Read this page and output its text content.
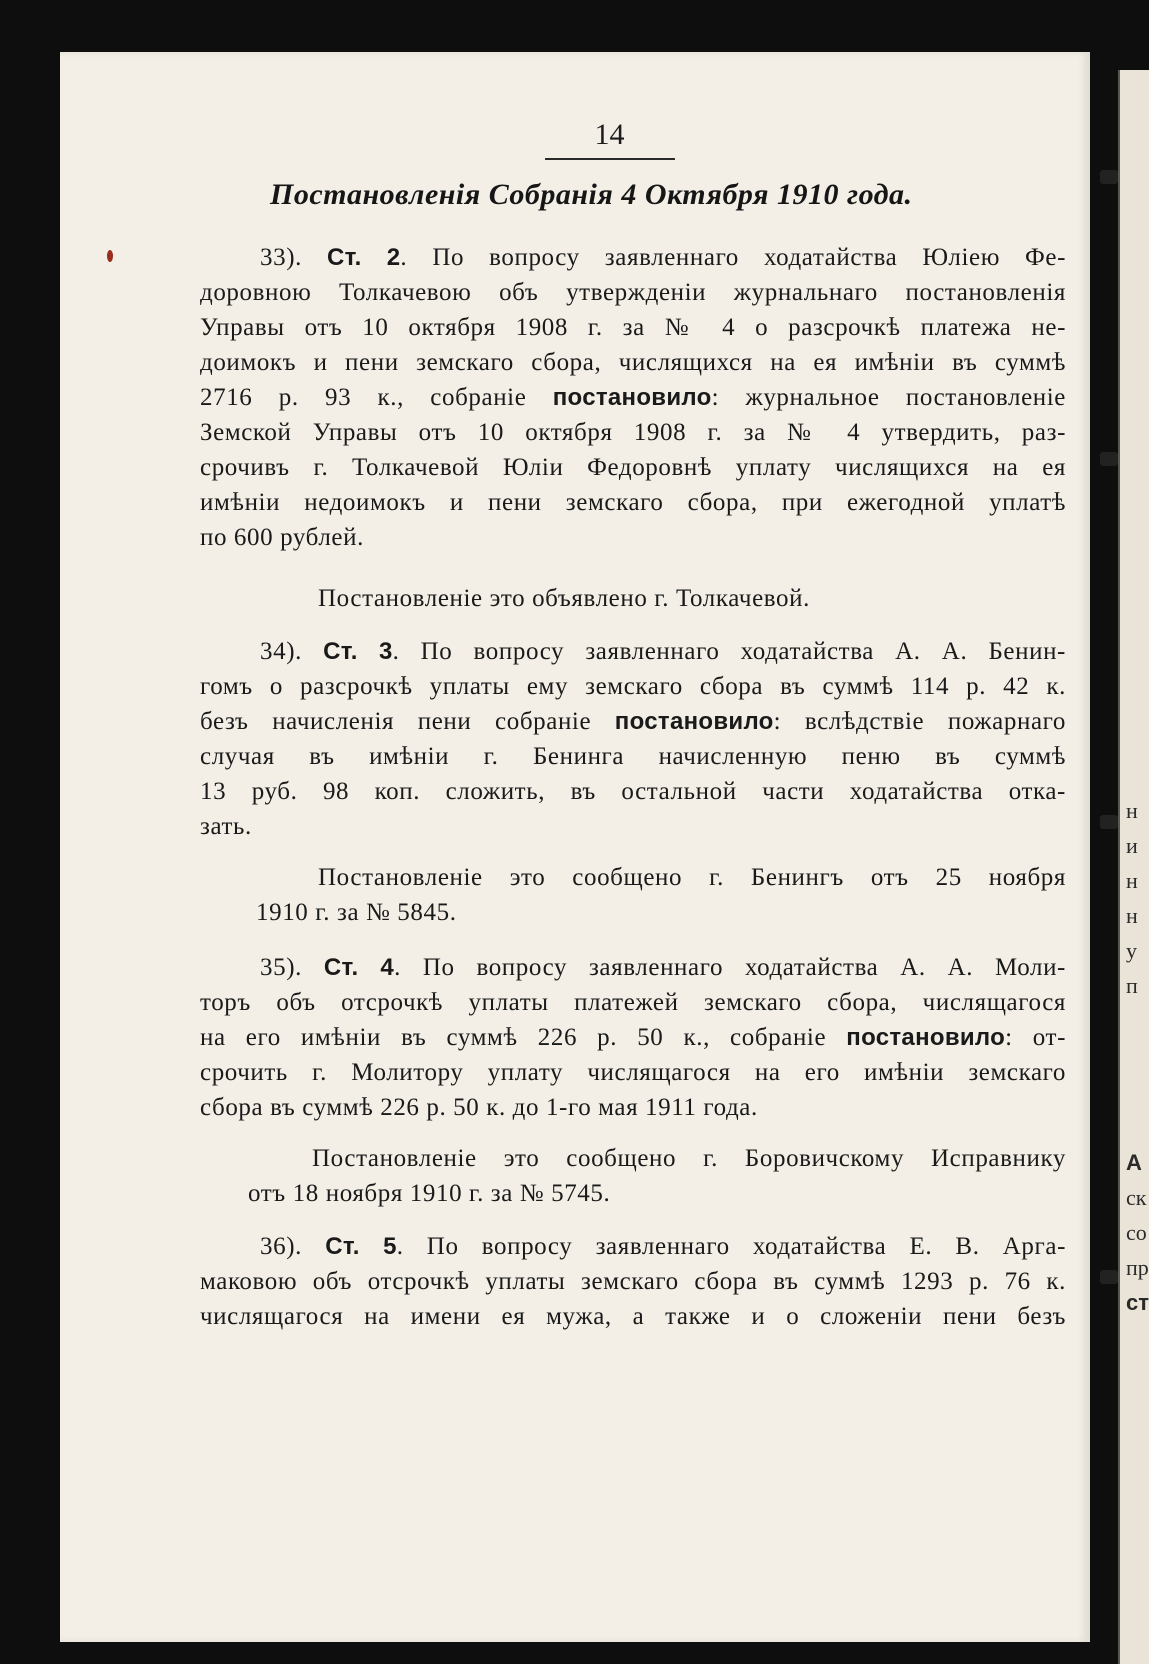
н
и
н
н
у
п
А
ск
со
пр
ст
14
Постановленія Собранія 4 Октября 1910 года.
33). Ст. 2. По вопросу заявленнаго ходатайства Юліею Фе-
доровною Толкачевою объ утвержденіи журнальнаго постановленія
Управы отъ 10 октября 1908 г. за № 4 о разсрочкѣ платежа не-
доимокъ и пени земскаго сбора, числящихся на ея имѣніи въ суммѣ
2716 р. 93 к., собраніе постановило: журнальное постановленіе
Земской Управы отъ 10 октября 1908 г. за № 4 утвердить, раз-
срочивъ г. Толкачевой Юліи Федоровнѣ уплату числящихся на ея
имѣніи недоимокъ и пени земскаго сбора, при ежегодной уплатѣ
по 600 рублей.
Постановленіе это объявлено г. Толкачевой.
34). Ст. 3. По вопросу заявленнаго ходатайства А. А. Бенин-
гомъ о разсрочкѣ уплаты ему земскаго сбора въ суммѣ 114 р. 42 к.
безъ начисленія пени собраніе постановило: вслѣдствіе пожарнаго
случая въ имѣніи г. Бенинга начисленную пеню въ суммѣ
13 руб. 98 коп. сложить, въ остальной части ходатайства отка-
зать.
Постановленіе это сообщено г. Бенингъ отъ 25 ноября
1910 г. за № 5845.
35). Ст. 4. По вопросу заявленнаго ходатайства А. А. Моли-
торъ объ отсрочкѣ уплаты платежей земскаго сбора, числящагося
на его имѣніи въ суммѣ 226 р. 50 к., собраніе постановило: от-
срочить г. Молитору уплату числящагося на его имѣніи земскаго
сбора въ суммѣ 226 р. 50 к. до 1-го мая 1911 года.
Постановленіе это сообщено г. Боровичскому Исправнику
отъ 18 ноября 1910 г. за № 5745.
36). Ст. 5. По вопросу заявленнаго ходатайства Е. В. Арга-
маковою объ отсрочкѣ уплаты земскаго сбора въ суммѣ 1293 р. 76 к.
числящагося на имени ея мужа, а также и о сложеніи пени безъ
